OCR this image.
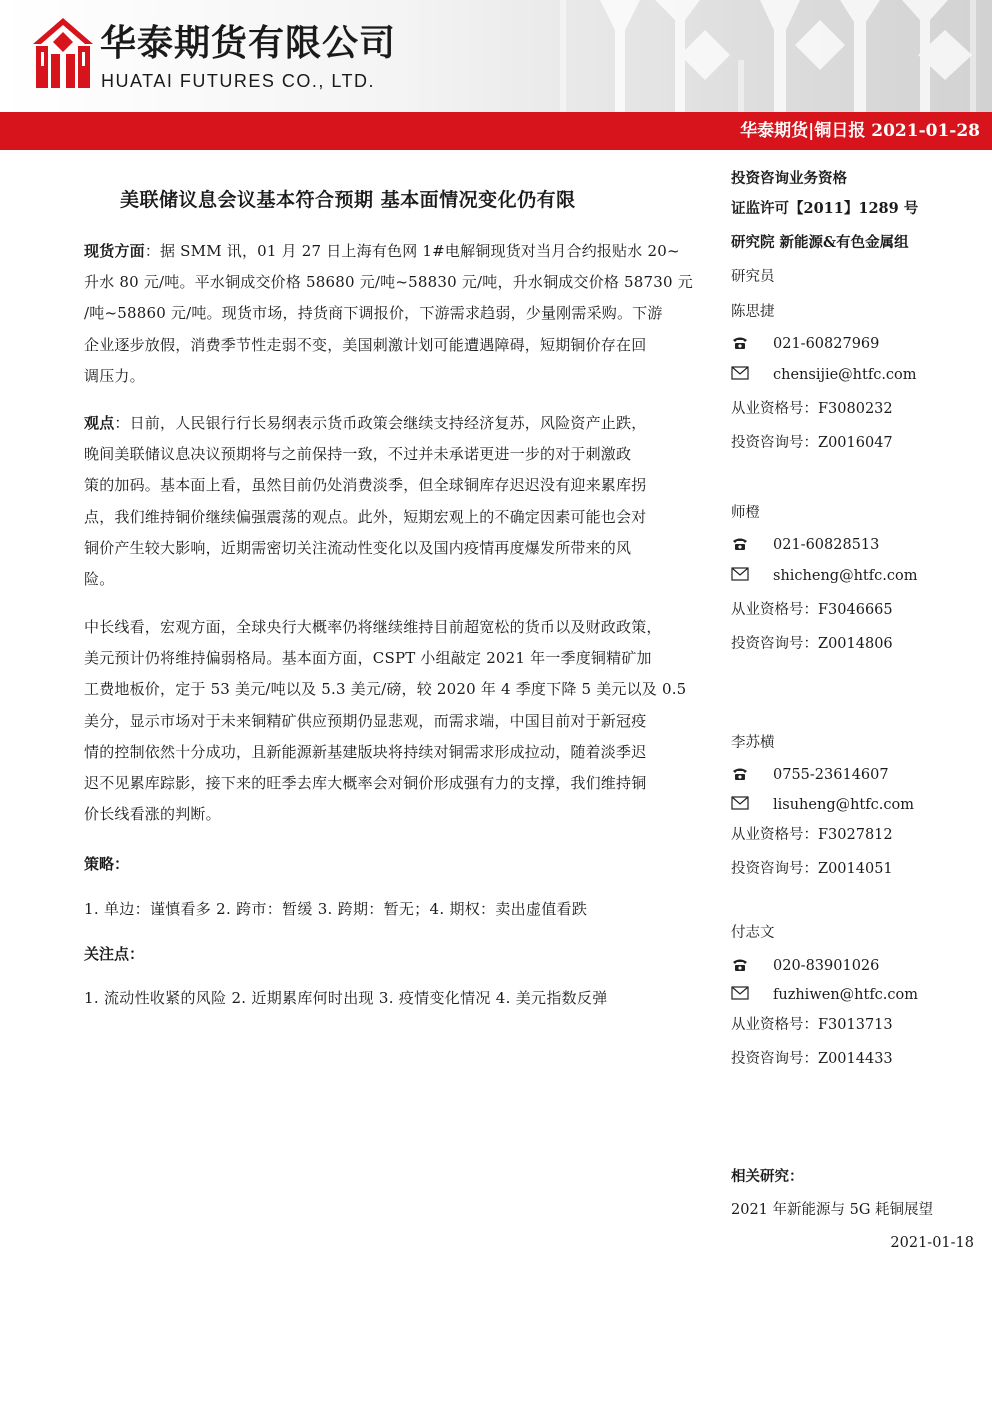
华泰期货有限公司
HUATAI FUTURES CO., LTD.
华泰期货|铜日报 2021-01-28
美联储议息会议基本符合预期 基本面情况变化仍有限
现货方面：据 SMM 讯，01 月 27 日上海有色网 1#电解铜现货对当月合约报贴水 20~
升水 80 元/吨。平水铜成交价格 58680 元/吨~58830 元/吨，升水铜成交价格 58730 元
/吨~58860 元/吨。现货市场，持货商下调报价，下游需求趋弱，少量刚需采购。下游
企业逐步放假，消费季节性走弱不变，美国刺激计划可能遭遇障碍，短期铜价存在回
调压力。
观点：日前，人民银行行长易纲表示货币政策会继续支持经济复苏，风险资产止跌，
晚间美联储议息决议预期将与之前保持一致，不过并未承诺更进一步的对于刺激政
策的加码。基本面上看，虽然目前仍处消费淡季，但全球铜库存迟迟没有迎来累库拐
点，我们维持铜价继续偏强震荡的观点。此外，短期宏观上的不确定因素可能也会对
铜价产生较大影响，近期需密切关注流动性变化以及国内疫情再度爆发所带来的风
险。
中长线看，宏观方面，全球央行大概率仍将继续维持目前超宽松的货币以及财政政策，
美元预计仍将维持偏弱格局。基本面方面，CSPT 小组敲定 2021 年一季度铜精矿加
工费地板价，定于 53 美元/吨以及 5.3 美元/磅，较 2020 年 4 季度下降 5 美元以及 0.5
美分，显示市场对于未来铜精矿供应预期仍显悲观，而需求端，中国目前对于新冠疫
情的控制依然十分成功，且新能源新基建版块将持续对铜需求形成拉动，随着淡季迟
迟不见累库踪影，接下来的旺季去库大概率会对铜价形成强有力的支撑，我们维持铜
价长线看涨的判断。
策略：
1. 单边：谨慎看多 2. 跨市：暂缓 3. 跨期：暂无；4. 期权：卖出虚值看跌
关注点：
1. 流动性收紧的风险 2. 近期累库何时出现 3. 疫情变化情况 4. 美元指数反弹
投资咨询业务资格
证监许可【2011】1289 号
研究院 新能源&有色金属组
研究员
陈思捷
021-60827969
chensijie@htfc.com
从业资格号：F3080232
投资咨询号：Z0016047
师橙
021-60828513
shicheng@htfc.com
从业资格号：F3046665
投资咨询号：Z0014806
李苏横
0755-23614607
lisuheng@htfc.com
从业资格号：F3027812
投资咨询号：Z0014051
付志文
020-83901026
fuzhiwen@htfc.com
从业资格号：F3013713
投资咨询号：Z0014433
相关研究：
2021 年新能源与 5G 耗铜展望
2021-01-18
